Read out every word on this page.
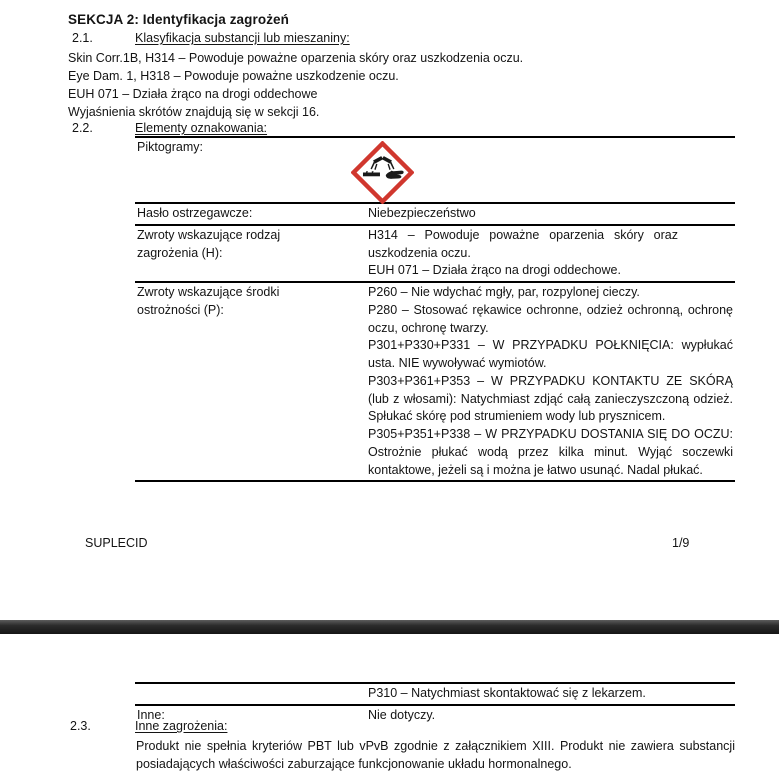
SEKCJA 2: Identyfikacja zagrożeń
2.1.	Klasyfikacja substancji lub mieszaniny:
Skin Corr.1B, H314 – Powoduje poważne oparzenia skóry oraz uszkodzenia oczu.
Eye Dam. 1, H318 – Powoduje poważne uszkodzenie oczu.
EUH 071 – Działa żrąco na drogi oddechowe
Wyjaśnienia skrótów znajdują się w sekcji 16.
2.2.	Elementy oznakowania:
Piktogramy:
Hasło ostrzegawcze:	Niebezpieczeństwo
Zwroty wskazujące rodzaj zagrożenia (H):
H314 – Powoduje poważne oparzenia skóry oraz uszkodzenia oczu.
EUH 071 – Działa żrąco na drogi oddechowe.
Zwroty wskazujące środki ostrożności (P):
P260 – Nie wdychać mgły, par, rozpylonej cieczy.
P280 – Stosować rękawice ochronne, odzież ochronną, ochronę oczu, ochronę twarzy.
P301+P330+P331 – W PRZYPADKU POŁKNIĘCIA: wypłukać usta. NIE wywoływać wymiotów.
P303+P361+P353 – W PRZYPADKU KONTAKTU ZE SKÓRĄ (lub z włosami): Natychmiast zdjąć całą zanieczyszczoną odzież. Spłukać skórę pod strumieniem wody lub prysznicem.
P305+P351+P338 – W PRZYPADKU DOSTANIA SIĘ DO OCZU: Ostrożnie płukać wodą przez kilka minut. Wyjąć soczewki kontaktowe, jeżeli są i można je łatwo usunąć. Nadal płukać.
SUPLECID	1/9
P310 – Natychmiast skontaktować się z lekarzem.
Inne:	Nie dotyczy.
2.3.	Inne zagrożenia:
Produkt nie spełnia kryteriów PBT lub vPvB zgodnie z załącznikiem XIII. Produkt nie zawiera substancji posiadających właściwości zaburzające funkcjonowanie układu hormonalnego.
